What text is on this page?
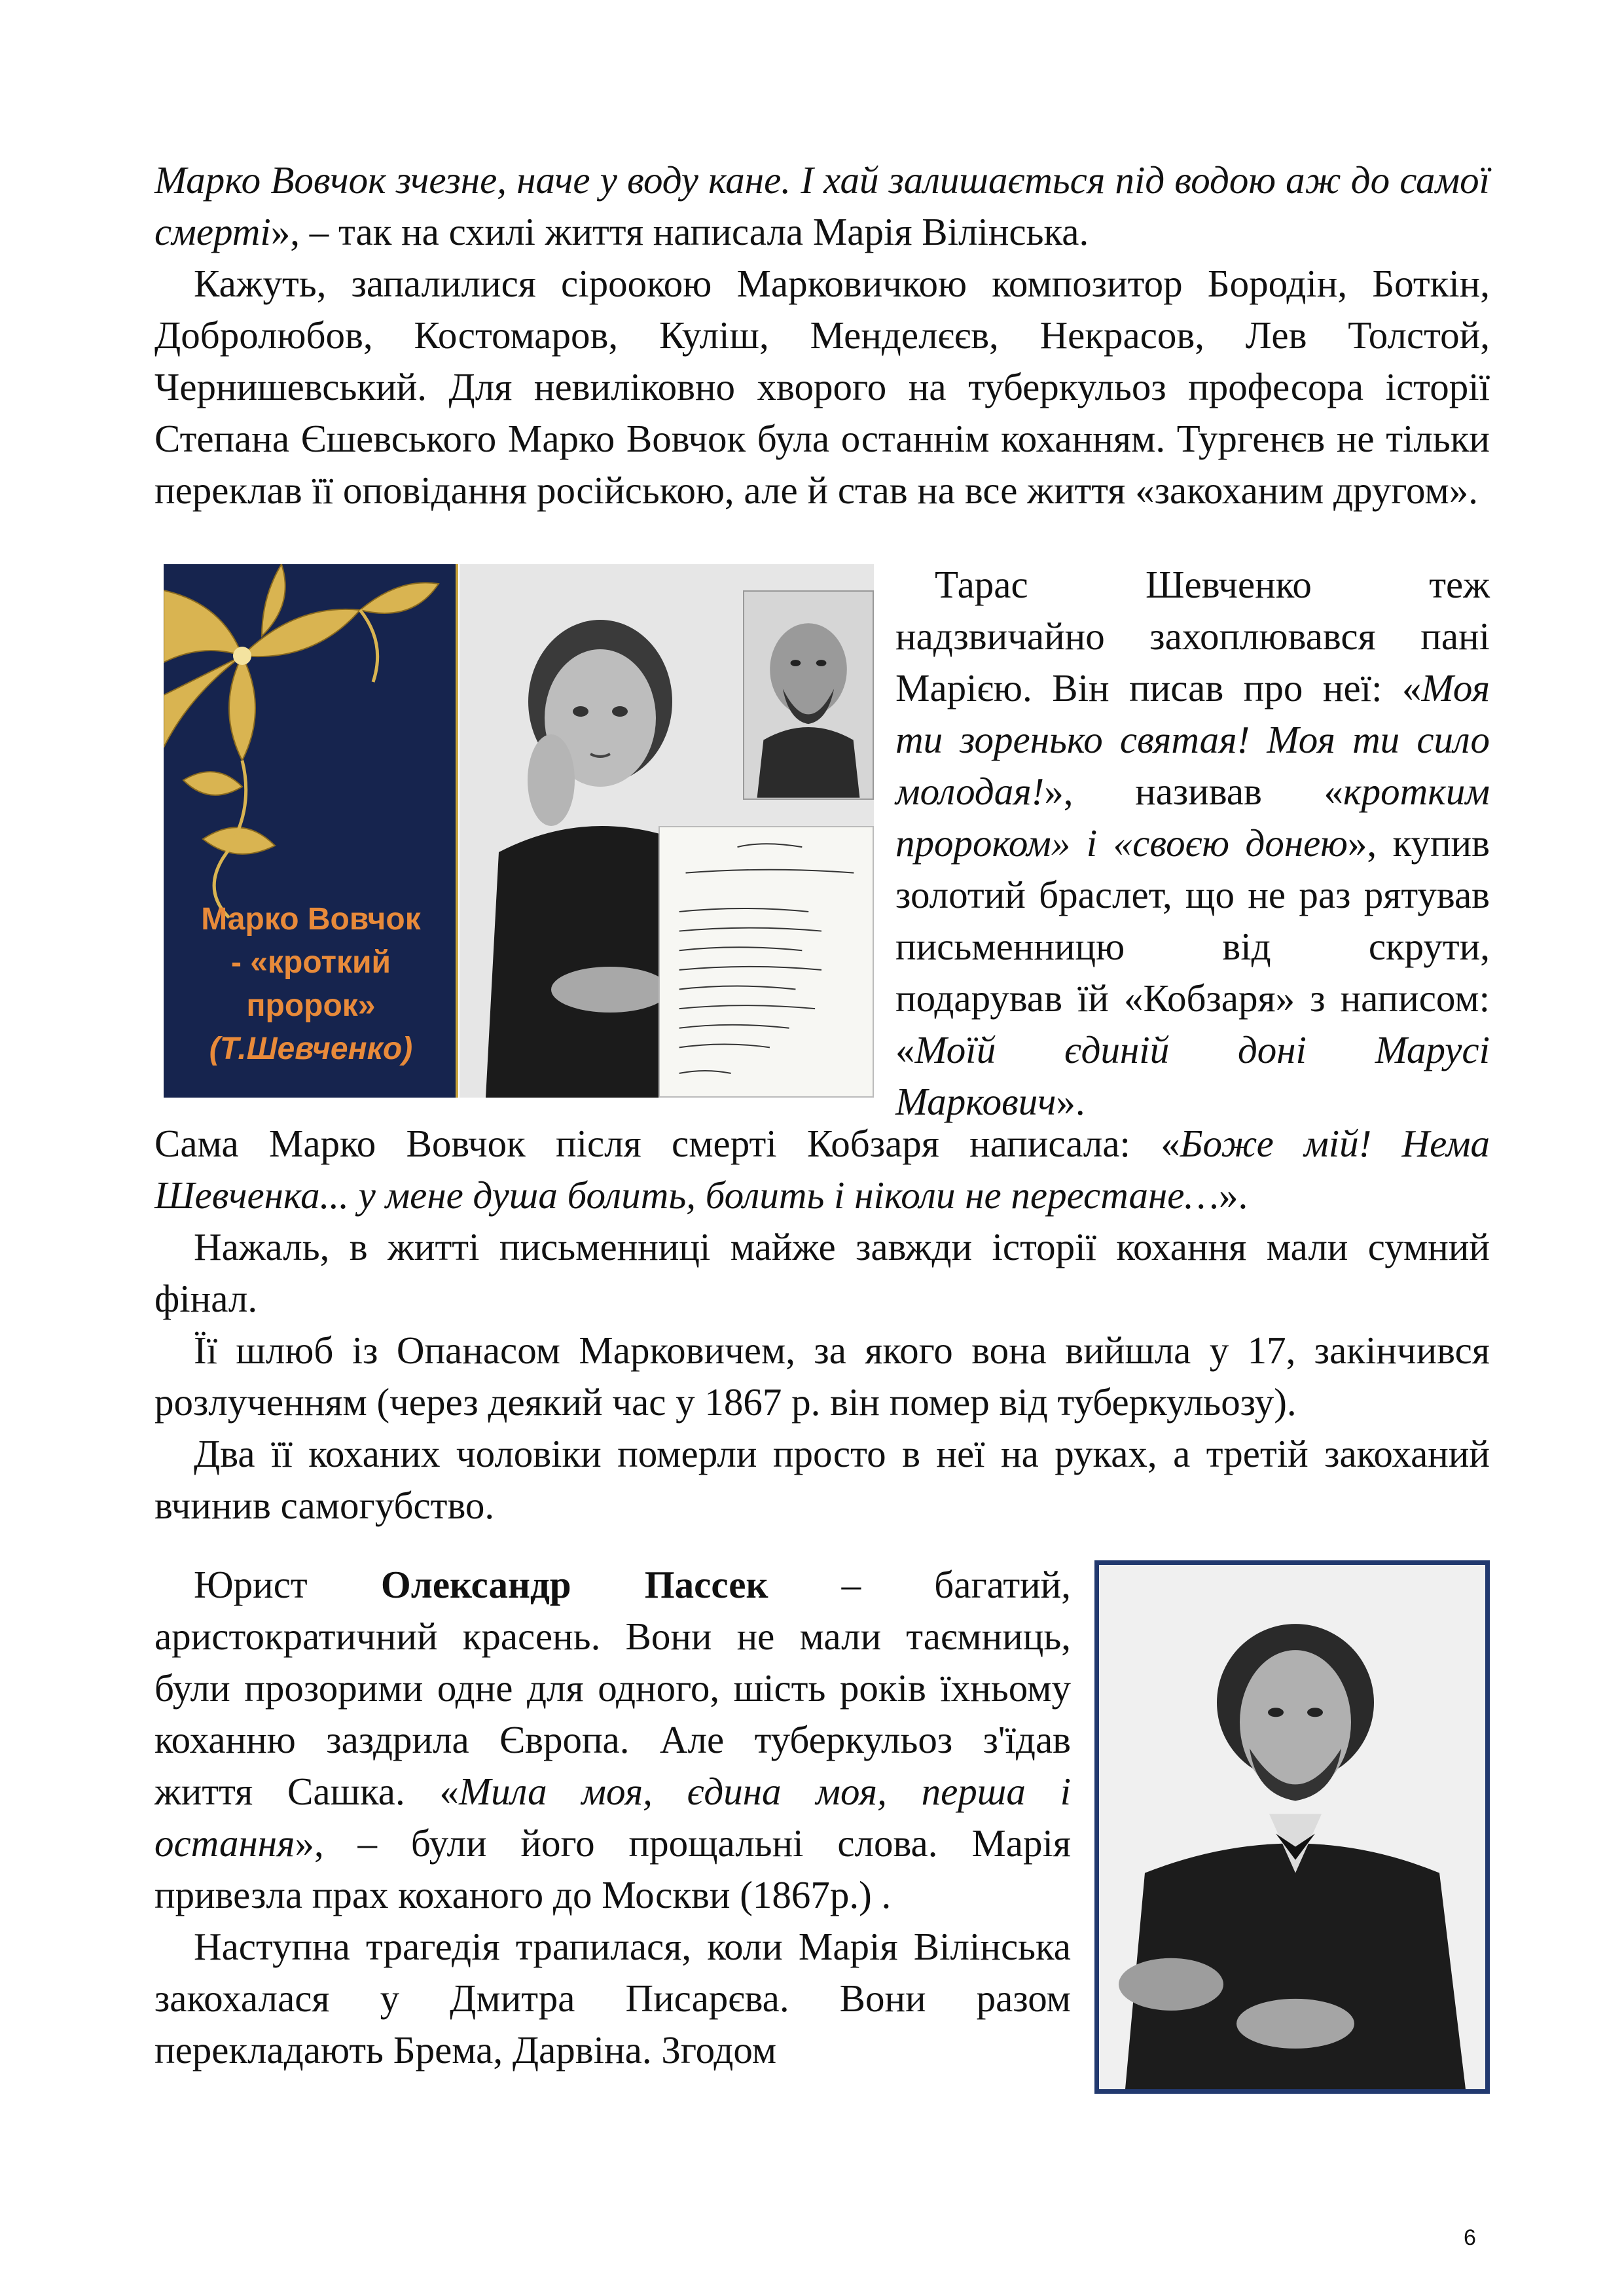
Марко Вовчок зчезне, наче у воду кане. І хай залишається під водою аж до самої смерті», – так на схилі життя написала Марія Вілінська.

Кажуть, запалилися сіроокою Марковичкою композитор Бородін, Боткін, Добролюбов, Костомаров, Куліш, Менделєєв, Некрасов, Лев Толстой, Чернишевський. Для невиліковно хворого на туберкульоз професора історії Степана Єшевського Марко Вовчок була останнім коханням. Тургенєв не тільки переклав її оповідання російською, але й став на все життя «закоханим другом».

Марко Вовчок
- «кроткий
пророк»
(Т.Шевченко)

Тарас Шевченко теж надзвичайно захоплювався пані Марією. Він писав про неї: «Моя ти зоренько святая! Моя ти сило молодая!», називав «кротким пророком» і «своєю донею», купив золотий браслет, що не раз рятував письменницю від скрути, подарував їй «Кобзаря» з написом: «Моїй єдиній доні Марусі Маркович».

Сама Марко Вовчок після смерті Кобзаря написала: «Боже мій! Нема Шевченка... у мене душа болить, болить і ніколи не перестане…».

Нажаль, в житті письменниці майже завжди історії кохання мали сумний фінал.

Її шлюб із Опанасом Марковичем, за якого вона вийшла у 17, закінчився розлученням (через деякий час у 1867 р. він помер від туберкульозу).

Два її коханих чоловіки померли просто в неї на руках, а третій закоханий вчинив самогубство.

Юрист Олександр Пассек – багатий, аристократичний красень. Вони не мали таємниць, були прозорими одне для одного, шість років їхньому коханню заздрила Європа. Але туберкульоз з'їдав життя Сашка. «Мила моя, єдина моя, перша і остання», – були його прощальні слова. Марія привезла прах коханого до Москви (1867р.) .

Наступна трагедія трапилася, коли Марія Вілінська закохалася у Дмитра Писарєва. Вони разом перекладають Брема, Дарвіна. Згодом

6
